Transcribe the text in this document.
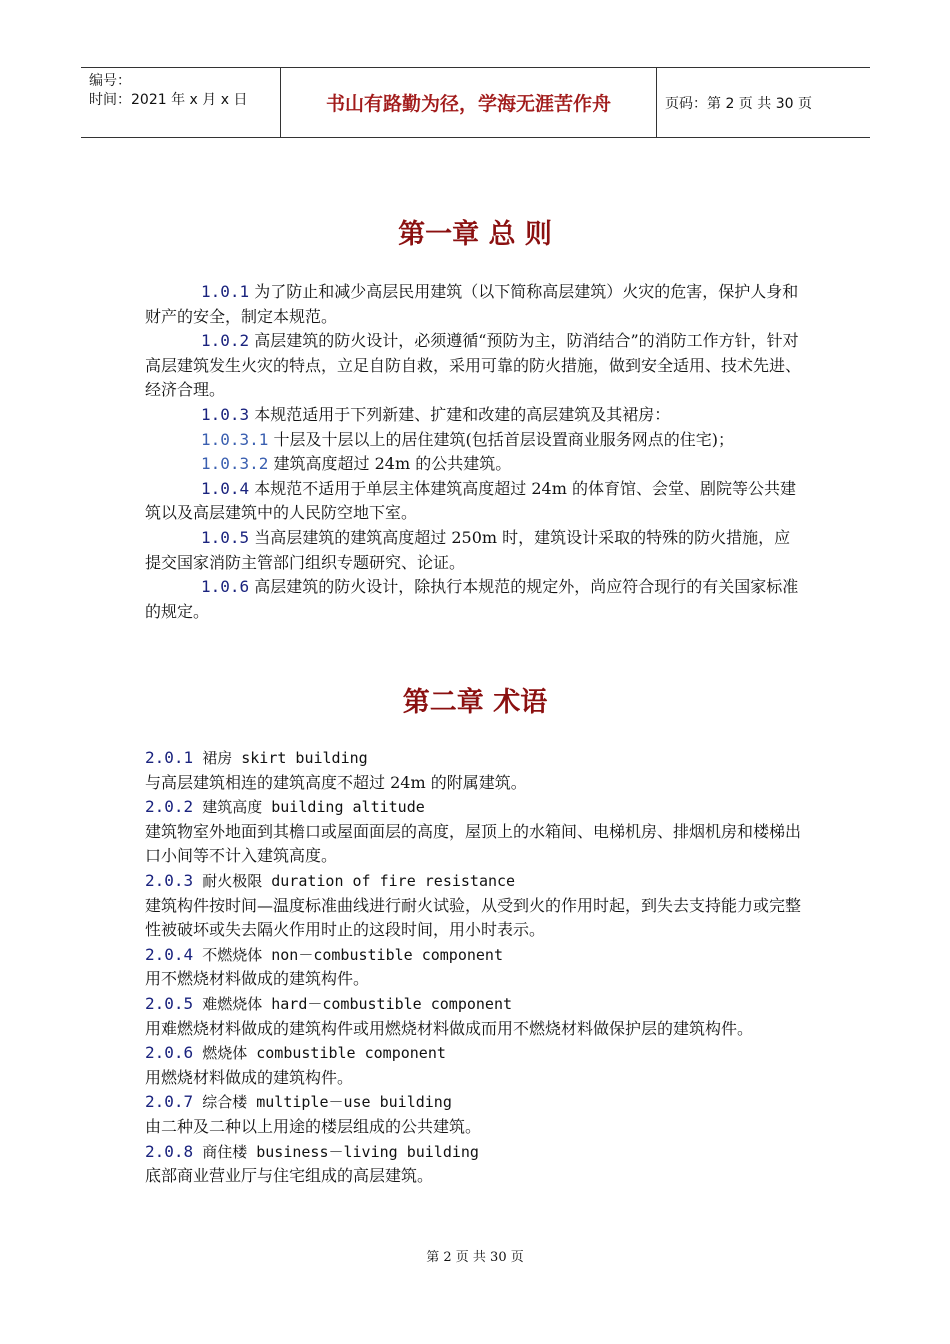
编号：
时间：2021 年 x 月 x 日	书山有路勤为径，学海无涯苦作舟	页码：第 2 页 共 30 页
第一章 总 则

1.0.1 为了防止和减少高层民用建筑（以下简称高层建筑）火灾的危害，保护人身和财产的安全，制定本规范。

1.0.2 高层建筑的防火设计，必须遵循“预防为主，防消结合”的消防工作方针，针对高层建筑发生火灾的特点，立足自防自救，采用可靠的防火措施，做到安全适用、技术先进、经济合理。

1.0.3 本规范适用于下列新建、扩建和改建的高层建筑及其裙房：

1.0.3.1 十层及十层以上的居住建筑(包括首层设置商业服务网点的住宅)；

1.0.3.2 建筑高度超过 24m 的公共建筑。

1.0.4 本规范不适用于单层主体建筑高度超过 24m 的体育馆、会堂、剧院等公共建筑以及高层建筑中的人民防空地下室。

1.0.5 当高层建筑的建筑高度超过 250m 时，建筑设计采取的特殊的防火措施，应提交国家消防主管部门组织专题研究、论证。

1.0.6 高层建筑的防火设计，除执行本规范的规定外，尚应符合现行的有关国家标准的规定。

第二章 术语

2.0.1 裙房 skirt building

与高层建筑相连的建筑高度不超过 24m 的附属建筑。

2.0.2 建筑高度 building altitude

建筑物室外地面到其檐口或屋面面层的高度，屋顶上的水箱间、电梯机房、排烟机房和楼梯出口小间等不计入建筑高度。

2.0.3 耐火极限 duration of fire resistance

建筑构件按时间—温度标准曲线进行耐火试验，从受到火的作用时起，到失去支持能力或完整性被破坏或失去隔火作用时止的这段时间，用小时表示。

2.0.4 不燃烧体 non－combustible component

用不燃烧材料做成的建筑构件。

2.0.5 难燃烧体 hard－combustible component

用难燃烧材料做成的建筑构件或用燃烧材料做成而用不燃烧材料做保护层的建筑构件。

2.0.6 燃烧体 combustible component

用燃烧材料做成的建筑构件。

2.0.7 综合楼 multiple－use building

由二种及二种以上用途的楼层组成的公共建筑。

2.0.8 商住楼 business－living building

底部商业营业厅与住宅组成的高层建筑。

第 2 页 共 30 页
